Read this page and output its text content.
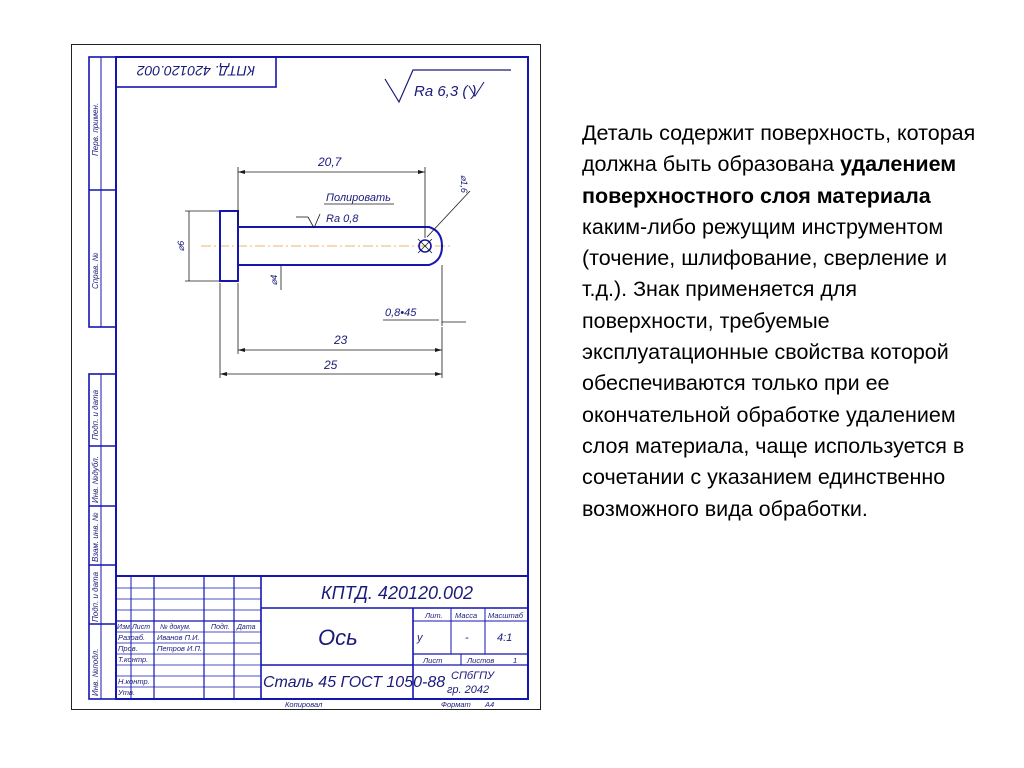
Перв. примен.
Справ. №
Подп. и дата
Инв. №дубл.
Взам. инв. №
Подп. и дата
Инв. №подл.
КПТД. 420120.002
Ra 6,3 ( )
20,7
⌀6
⌀4
⌀1,6
Полировать
Ra 0,8
0,8•45
23
25
КПТД. 420120.002
Ось
Сталь 45 ГОСТ 1050-88 СПбГПУ
гр. 2042
Изм. Лист № докум.	Подп. Дата
Разраб. Иванов П.И.
Пров.	Петров И.П.
Т.контр.
Н.контр.
Утв.
Лит. Масса Масштаб
у	-	4:1
Лист	Листов 1
Копировал	Формат А4
Деталь содержит поверхность, которая должна быть образована удалением поверхностного слоя материала каким-либо режущим инструментом (точение, шлифование, сверление и т.д.). Знак применяется для поверхности, требуемые эксплуатационные свойства которой обеспечиваются только при ее окончательной обработке удалением слоя материала, чаще используется в сочетании с указанием единственно возможного вида обработки.
